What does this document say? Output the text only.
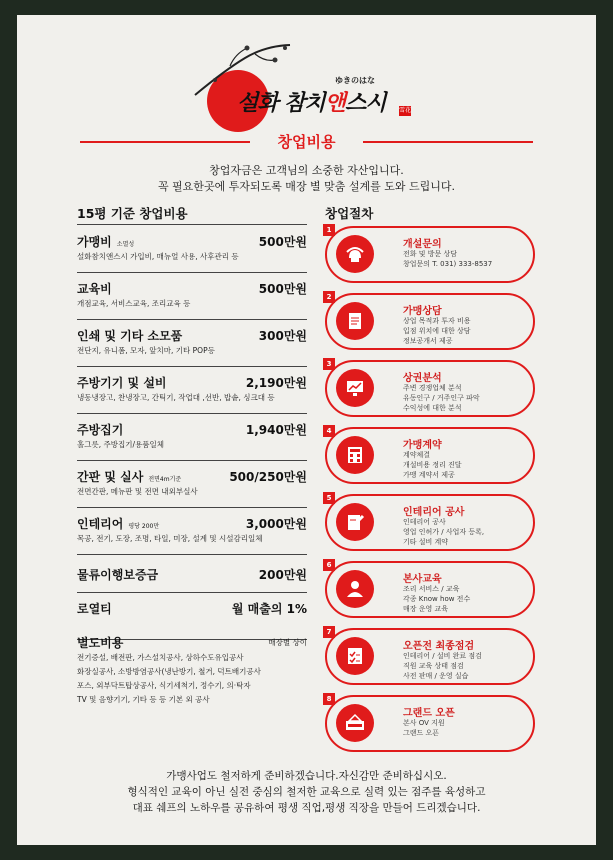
ゆきのはな
설화 참치앤스시 雪花
창업비용
창업자금은 고객님의 소중한 자산입니다.
꼭 필요한곳에 투자되도록 매장 별 맞춤 설계를 도와 드립니다.
15평 기준 창업비용	창업절차
가맹비 소멸성	500만원
설화참치앤스시 가입비, 매뉴얼 사용, 사후관리 등
교육비	500만원
개점교육, 서비스교육, 조리교육 등
인쇄 및 기타 소모품	300만원
전단지, 유니폼, 모자, 앞치마, 기타 POP등
주방기기 및 설비	2,190만원
냉동냉장고, 찬냉장고, 간틱기, 작업대 ,선반, 밥솥, 싱크대 등
주방집기	1,940만원
홀그릇, 주방집기/용품일체
간판 및 실사 전면4m기준	500/250만원
전면간판, 메뉴판 및 전면 내외부실사
인테리어 평당 200만	3,000만원
목공, 전기, 도장, 조명, 타일, 미장, 설계 및 시설감리일체
물류이행보증금	200만원
로열티	월 매출의 1%
별도비용	매장별 상이
전기증설, 배전판, 가스설치공사, 상하수도유입공사
화장실공사, 소방방염공사(냉난방기, 철거, 덕트배기공사
포스, 외부닥트탑상공사, 식기세척기, 정수기, 의·탁자
TV 및 음향기기, 기타 등 등 기본 외 공사
1
개설문의
전화 및 방문 상담
창업문의 T. 031) 333-8537
2
가맹상담
상업 목적과 투자 비용
입점 위치에 대한 상담
정보공개서 제공
3
상권분석
주변 경쟁업체 분석
유동인구 / 거주인구 파악
수익성에 대한 분석
4
가맹계약
계약체결
개설비용 정리 진달
가맹 계약서 제공
5
인테리어 공사
인테리어 공사
영업 인허가 / 사업자 등록,
기타 설비 계약
6
본사교육
조리 서비스 / 교육
각종 Know how 전수
매장 운영 교육
7
오픈전 최종점검
인테리어 / 설비 완료 점검
직원 교육 상태 점검
사전 판매 / 운영 실습
8
그랜드 오픈
본사 OV 지원
그랜드 오픈
가맹사업도 철저하게 준비하겠습니다.자신감만 준비하십시오.
형식적인 교육이 아닌 실전 중심의 철저한 교육으로 실력 있는 점주를 육성하고
대표 쉐프의 노하우를 공유하여 평생 직업,평생 직장을 만들어 드리겠습니다.
